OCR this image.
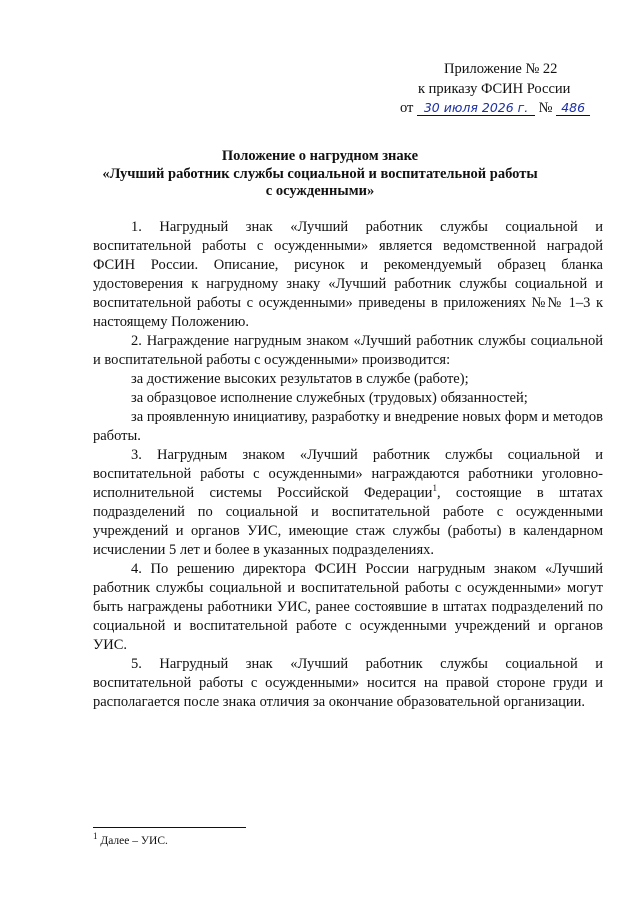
Приложение № 22
к приказу ФСИН России
от 30 июля 2026 г. № 486
Положение о нагрудном знаке
«Лучший работник службы социальной и воспитательной работы
с осужденными»

1. Нагрудный знак «Лучший работник службы социальной и воспитательной работы с осужденными» является ведомственной наградой ФСИН России. Описание, рисунок и рекомендуемый образец бланка удостоверения к нагрудному знаку «Лучший работник службы социальной и воспитательной работы с осужденными» приведены в приложениях №№ 1–3 к настоящему Положению.

2. Награждение нагрудным знаком «Лучший работник службы социальной и воспитательной работы с осужденными» производится:

за достижение высоких результатов в службе (работе);

за образцовое исполнение служебных (трудовых) обязанностей;

за проявленную инициативу, разработку и внедрение новых форм и методов работы.

3. Нагрудным знаком «Лучший работник службы социальной и воспитательной работы с осужденными» награждаются работники уголовно-исполнительной системы Российской Федерации$^1$, состоящие в штатах подразделений по социальной и воспитательной работе с осужденными учреждений и органов УИС, имеющие стаж службы (работы) в календарном исчислении 5 лет и более в указанных подразделениях.

4. По решению директора ФСИН России нагрудным знаком «Лучший работник службы социальной и воспитательной работы с осужденными» могут быть награждены работники УИС, ранее состоявшие в штатах подразделений по социальной и воспитательной работе с осужденными учреждений и органов УИС.

5. Нагрудный знак «Лучший работник службы социальной и воспитательной работы с осужденными» носится на правой стороне груди и располагается после знака отличия за окончание образовательной организации.

$^1$ Далее – УИС.
